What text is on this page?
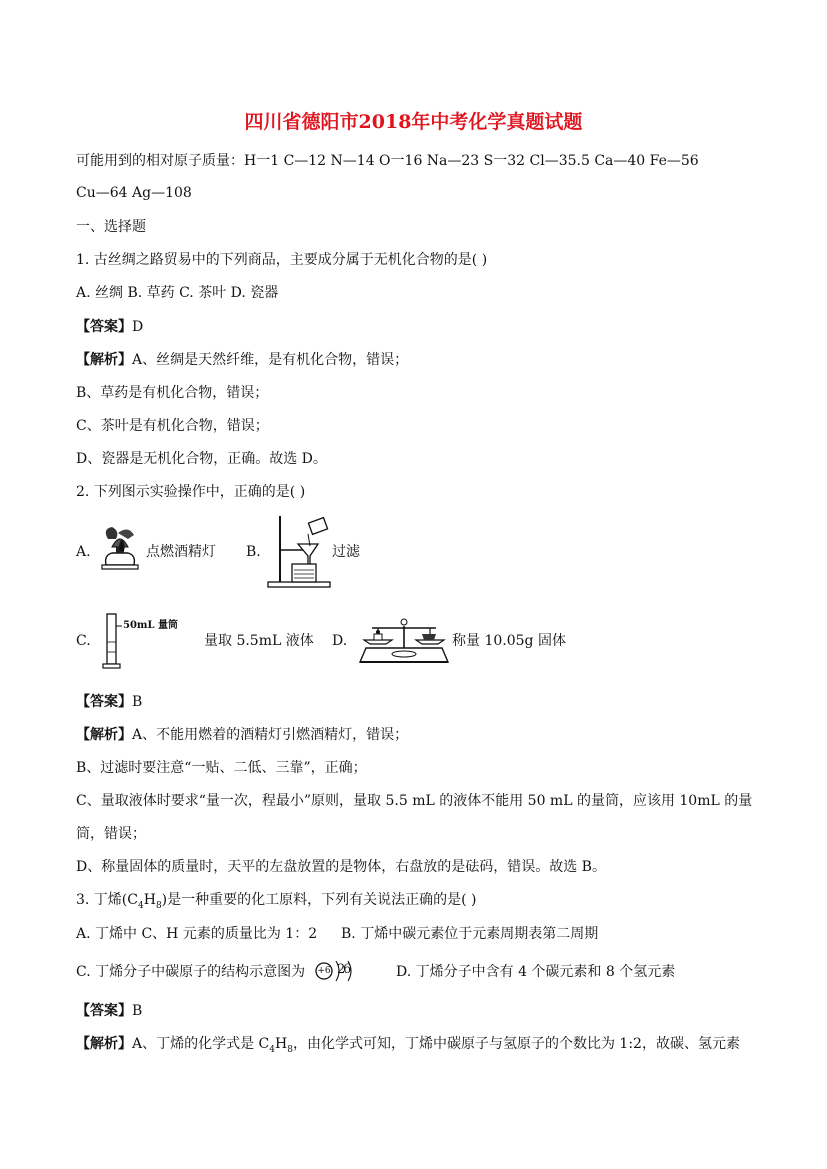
四川省德阳市2018年中考化学真题试题
可能用到的相对原子质量：H一1 C—12 N—14 O一16 Na—23 S一32 Cl—35.5 Ca—40 Fe—56
Cu—64 Ag—108
一、选择题
1. 古丝绸之路贸易中的下列商品，主要成分属于无机化合物的是( )
A. 丝绸 B. 草药 C. 茶叶 D. 瓷器
【答案】D
【解析】A、丝绸是天然纤维，是有机化合物，错误；
B、草药是有机化合物，错误；
C、茶叶是有机化合物，错误；
D、瓷器是无机化合物，正确。故选 D。
2. 下列图示实验操作中，正确的是( )
A.	点燃酒精灯 B.	过滤
C.
50mL 量筒
量取 5.5mL 液体 D.	称量 10.05g 固体
【答案】B
【解析】A、不能用燃着的酒精灯引燃酒精灯，错误；
B、过滤时要注意“一贴、二低、三靠”，正确；
C、量取液体时要求“量一次，程最小”原则，量取 5.5 mL 的液体不能用 50 mL 的量筒，应该用 10mL 的量
筒，错误；
D、称量固体的质量时，天平的左盘放置的是物体，右盘放的是砝码，错误。故选 B。
3. 丁烯$(C_4H_8)$是一种重要的化工原料，下列有关说法正确的是( )
A. 丁烯中 C、H 元素的质量比为 1：2 B. 丁烯中碳元素位于元素周期表第二周期
C. 丁烯分子中碳原子的结构示意图为 +6 2
6	D. 丁烯分子中含有 4 个碳元素和 8 个氢元素
【答案】B
【解析】A、丁烯的化学式是 $C_4H_8$，由化学式可知，丁烯中碳原子与氢原子的个数比为 1:2，故碳、氢元素
